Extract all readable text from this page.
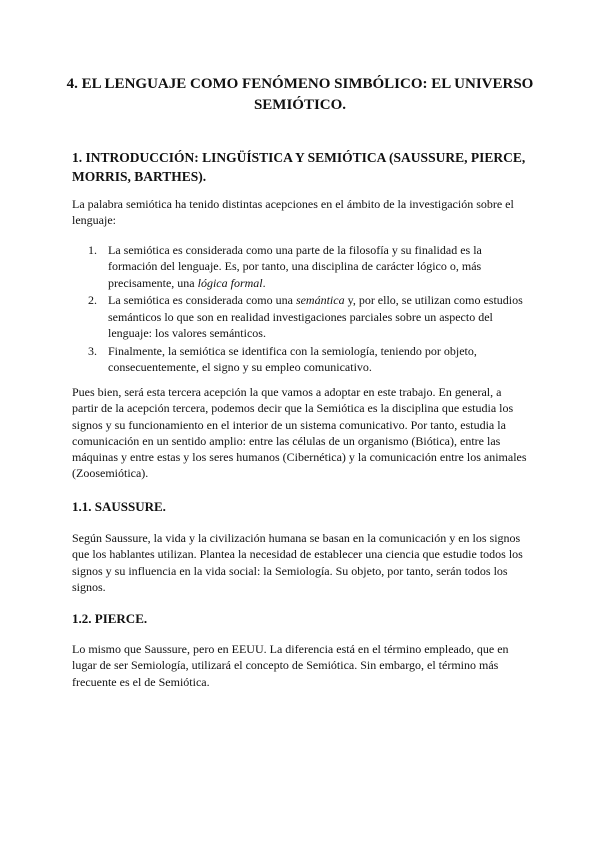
4. EL LENGUAJE COMO FENÓMENO SIMBÓLICO: EL UNIVERSO SEMIÓTICO.
1. INTRODUCCIÓN: LINGÜÍSTICA Y SEMIÓTICA (SAUSSURE, PIERCE, MORRIS, BARTHES).

La palabra semiótica ha tenido distintas acepciones en el ámbito de la investigación sobre el lenguaje:

1. La semiótica es considerada como una parte de la filosofía y su finalidad es la formación del lenguaje. Es, por tanto, una disciplina de carácter lógico o, más precisamente, una lógica formal.
2. La semiótica es considerada como una semántica y, por ello, se utilizan como estudios semánticos lo que son en realidad investigaciones parciales sobre un aspecto del lenguaje: los valores semánticos.
3. Finalmente, la semiótica se identifica con la semiología, teniendo por objeto, consecuentemente, el signo y su empleo comunicativo.

Pues bien, será esta tercera acepción la que vamos a adoptar en este trabajo. En general, a partir de la acepción tercera, podemos decir que la Semiótica es la disciplina que estudia los signos y su funcionamiento en el interior de un sistema comunicativo. Por tanto, estudia la comunicación en un sentido amplio: entre las células de un organismo (Biótica), entre las máquinas y entre estas y los seres humanos (Cibernética) y la comunicación entre los animales (Zoosemiótica).

1.1. SAUSSURE.

Según Saussure, la vida y la civilización humana se basan en la comunicación y en los signos que los hablantes utilizan. Plantea la necesidad de establecer una ciencia que estudie todos los signos y su influencia en la vida social: la Semiología. Su objeto, por tanto, serán todos los signos.

1.2. PIERCE.

Lo mismo que Saussure, pero en EEUU. La diferencia está en el término empleado, que en lugar de ser Semiología, utilizará el concepto de Semiótica. Sin embargo, el término más frecuente es el de Semiótica.
